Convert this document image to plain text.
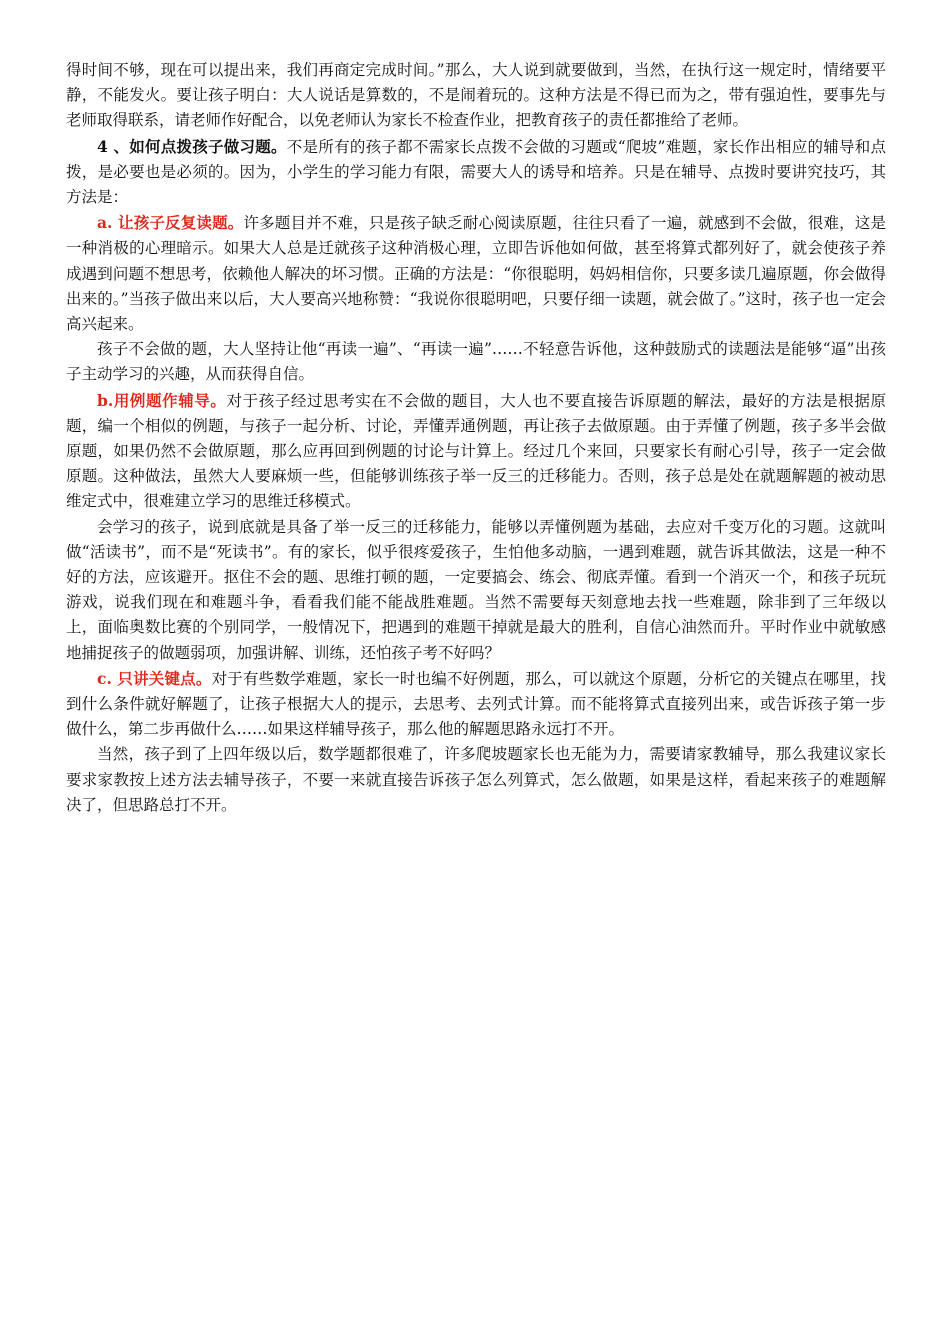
得时间不够，现在可以提出来，我们再商定完成时间。”那么，大人说到就要做到，当然，在执行这一规定时，情绪要平静，不能发火。要让孩子明白：大人说话是算数的，不是闹着玩的。这种方法是不得已而为之，带有强迫性，要事先与老师取得联系，请老师作好配合，以免老师认为家长不检查作业，把教育孩子的责任都推给了老师。

4 、如何点拨孩子做习题。不是所有的孩子都不需家长点拨不会做的习题或“爬坡”难题，家长作出相应的辅导和点拨，是必要也是必须的。因为，小学生的学习能力有限，需要大人的诱导和培养。只是在辅导、点拨时要讲究技巧，其方法是：

a. 让孩子反复读题。许多题目并不难，只是孩子缺乏耐心阅读原题，往往只看了一遍，就感到不会做，很难，这是一种消极的心理暗示。如果大人总是迁就孩子这种消极心理，立即告诉他如何做，甚至将算式都列好了，就会使孩子养成遇到问题不想思考，依赖他人解决的坏习惯。正确的方法是：“你很聪明，妈妈相信你，只要多读几遍原题，你会做得出来的。”当孩子做出来以后，大人要高兴地称赞：“我说你很聪明吧，只要仔细一读题，就会做了。”这时，孩子也一定会高兴起来。

孩子不会做的题，大人坚持让他“再读一遍”、“再读一遍”……不轻意告诉他，这种鼓励式的读题法是能够“逼”出孩子主动学习的兴趣，从而获得自信。

b.用例题作辅导。对于孩子经过思考实在不会做的题目，大人也不要直接告诉原题的解法，最好的方法是根据原题，编一个相似的例题，与孩子一起分析、讨论，弄懂弄通例题，再让孩子去做原题。由于弄懂了例题，孩子多半会做原题，如果仍然不会做原题，那么应再回到例题的讨论与计算上。经过几个来回，只要家长有耐心引导，孩子一定会做原题。这种做法，虽然大人要麻烦一些，但能够训练孩子举一反三的迁移能力。否则，孩子总是处在就题解题的被动思维定式中，很难建立学习的思维迁移模式。

会学习的孩子，说到底就是具备了举一反三的迁移能力，能够以弄懂例题为基础，去应对千变万化的习题。这就叫做“活读书”，而不是“死读书”。有的家长，似乎很疼爱孩子，生怕他多动脑，一遇到难题，就告诉其做法，这是一种不好的方法，应该避开。抠住不会的题、思维打顿的题，一定要搞会、练会、彻底弄懂。看到一个消灭一个，和孩子玩玩游戏，说我们现在和难题斗争，看看我们能不能战胜难题。当然不需要每天刻意地去找一些难题，除非到了三年级以上，面临奥数比赛的个别同学，一般情况下，把遇到的难题干掉就是最大的胜利，自信心油然而升。平时作业中就敏感地捕捉孩子的做题弱项，加强讲解、训练，还怕孩子考不好吗？

c. 只讲关键点。对于有些数学难题，家长一时也编不好例题，那么，可以就这个原题，分析它的关键点在哪里，找到什么条件就好解题了，让孩子根据大人的提示，去思考、去列式计算。而不能将算式直接列出来，或告诉孩子第一步做什么，第二步再做什么……如果这样辅导孩子，那么他的解题思路永远打不开。

当然，孩子到了上四年级以后，数学题都很难了，许多爬坡题家长也无能为力，需要请家教辅导，那么我建议家长要求家教按上述方法去辅导孩子，不要一来就直接告诉孩子怎么列算式，怎么做题，如果是这样，看起来孩子的难题解决了，但思路总打不开。
